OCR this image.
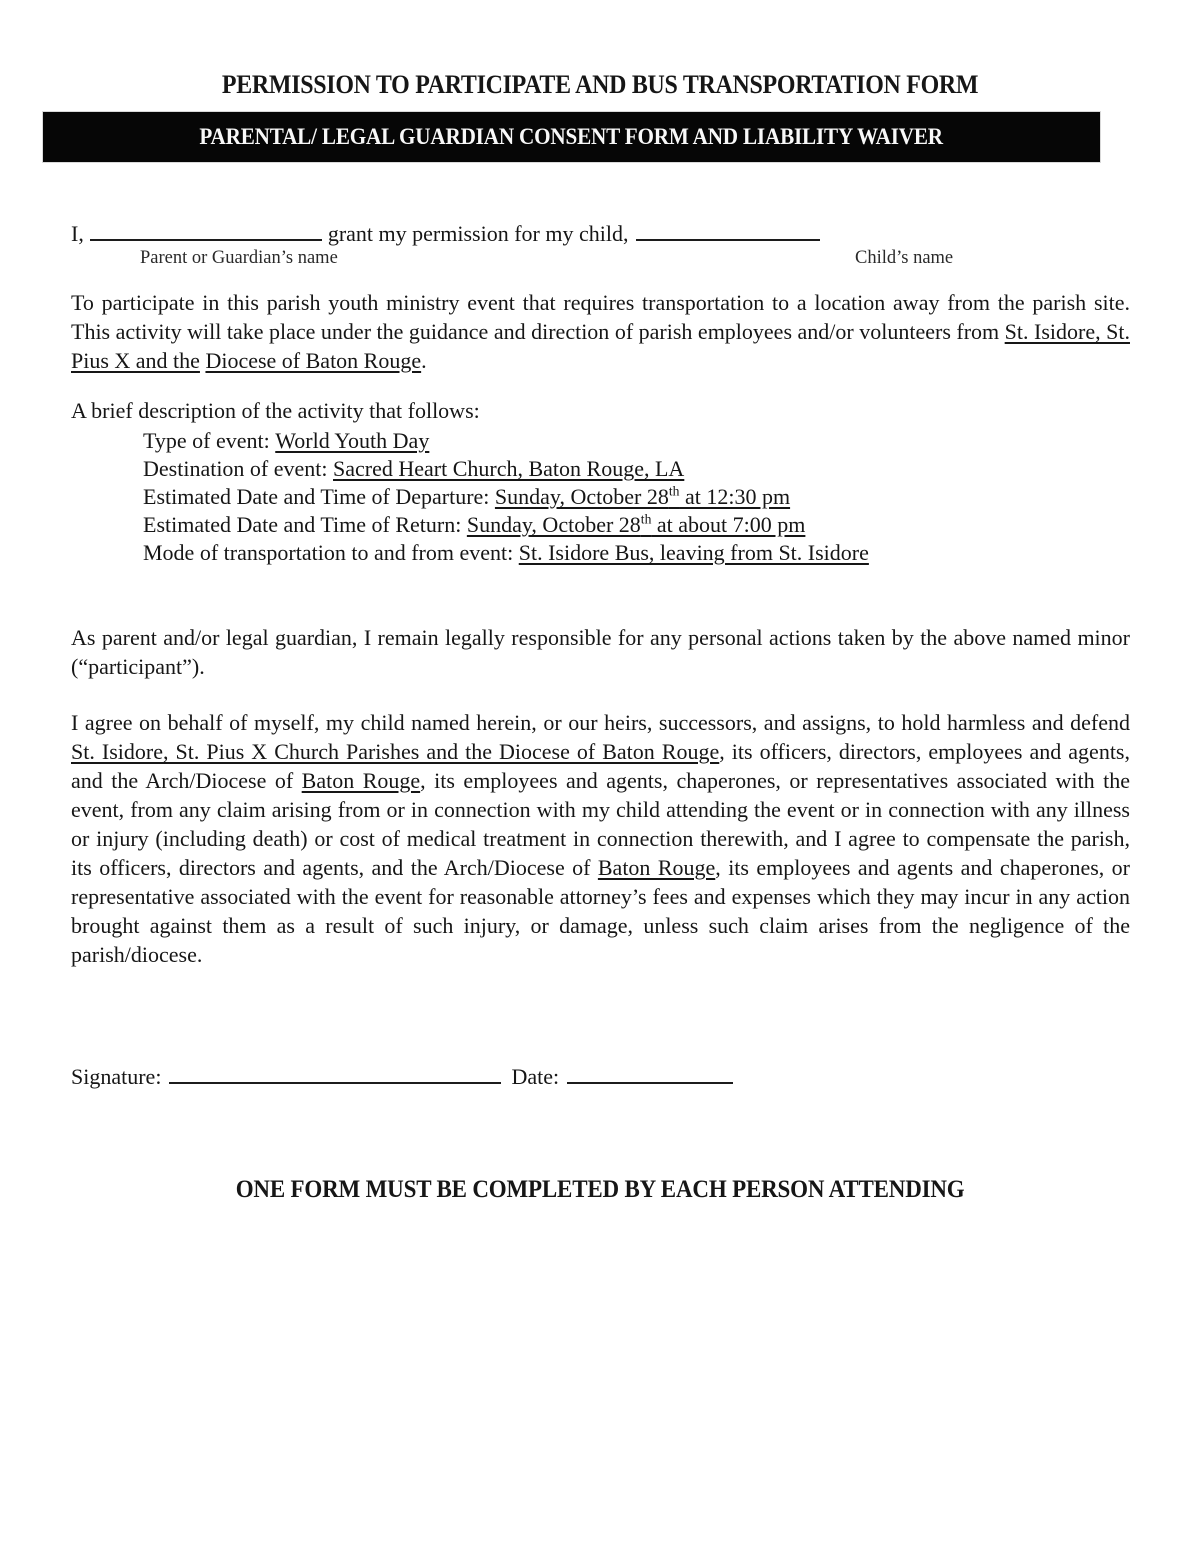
PERMISSION TO PARTICIPATE AND BUS TRANSPORTATION FORM
PARENTAL/ LEGAL GUARDIAN CONSENT FORM AND LIABILITY WAIVER
I,	grant my permission for my child,
Parent or Guardian’s name	Child’s name
To participate in this parish youth ministry event that requires transportation to a location away from the parish site. This activity will take place under the guidance and direction of parish employees and/or volunteers from St. Isidore, St. Pius X and the Diocese of Baton Rouge.
A brief description of the activity that follows:
Type of event: World Youth Day
Destination of event: Sacred Heart Church, Baton Rouge, LA
Estimated Date and Time of Departure: Sunday, October 28th at 12:30 pm
Estimated Date and Time of Return: Sunday, October 28th at about 7:00 pm
Mode of transportation to and from event: St. Isidore Bus, leaving from St. Isidore
As parent and/or legal guardian, I remain legally responsible for any personal actions taken by the above named minor (“participant”).
I agree on behalf of myself, my child named herein, or our heirs, successors, and assigns, to hold harmless and defend St. Isidore, St. Pius X Church Parishes and the Diocese of Baton Rouge, its officers, directors, employees and agents, and the Arch/Diocese of Baton Rouge, its employees and agents, chaperones, or representatives associated with the event, from any claim arising from or in connection with my child attending the event or in connection with any illness or injury (including death) or cost of medical treatment in connection therewith, and I agree to compensate the parish, its officers, directors and agents, and the Arch/Diocese of Baton Rouge, its employees and agents and chaperones, or representative associated with the event for reasonable attorney’s fees and expenses which they may incur in any action brought against them as a result of such injury, or damage, unless such claim arises from the negligence of the parish/diocese.
Signature:	Date:
ONE FORM MUST BE COMPLETED BY EACH PERSON ATTENDING
